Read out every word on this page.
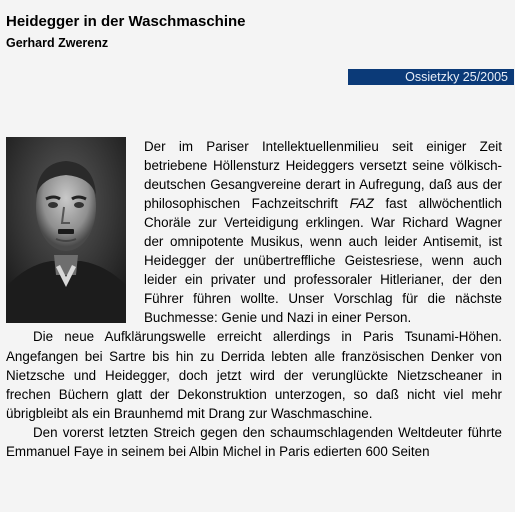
Heidegger in der Waschmaschine
Gerhard Zwerenz
Ossietzky 25/2005

Der im Pariser Intellektuellenmilieu seit einiger Zeit betriebene Höllensturz Heideggers versetzt seine völkisch-deutschen Gesangvereine derart in Aufregung, daß aus der philosophischen Fachzeitschrift FAZ fast allwöchentlich Choräle zur Verteidigung erklingen. War Richard Wagner der omnipotente Musikus, wenn auch leider Antisemit, ist Heidegger der unübertreffliche Geistesriese, wenn auch leider ein privater und professoraler Hitlerianer, der den Führer führen wollte. Unser Vorschlag für die nächste Buchmesse: Genie und Nazi in einer Person.

Die neue Aufklärungswelle erreicht allerdings in Paris Tsunami-Höhen. Angefangen bei Sartre bis hin zu Derrida lebten alle französischen Denker von Nietzsche und Heidegger, doch jetzt wird der verunglückte Nietzscheaner in frechen Büchern glatt der Dekonstruktion unterzogen, so daß nicht viel mehr übrigbleibt als ein Braunhemd mit Drang zur Waschmaschine.

Den vorerst letzten Streich gegen den schaumschlagenden Weltdeuter führte Emmanuel Faye in seinem bei Albin Michel in Paris edierten 600 Seiten
